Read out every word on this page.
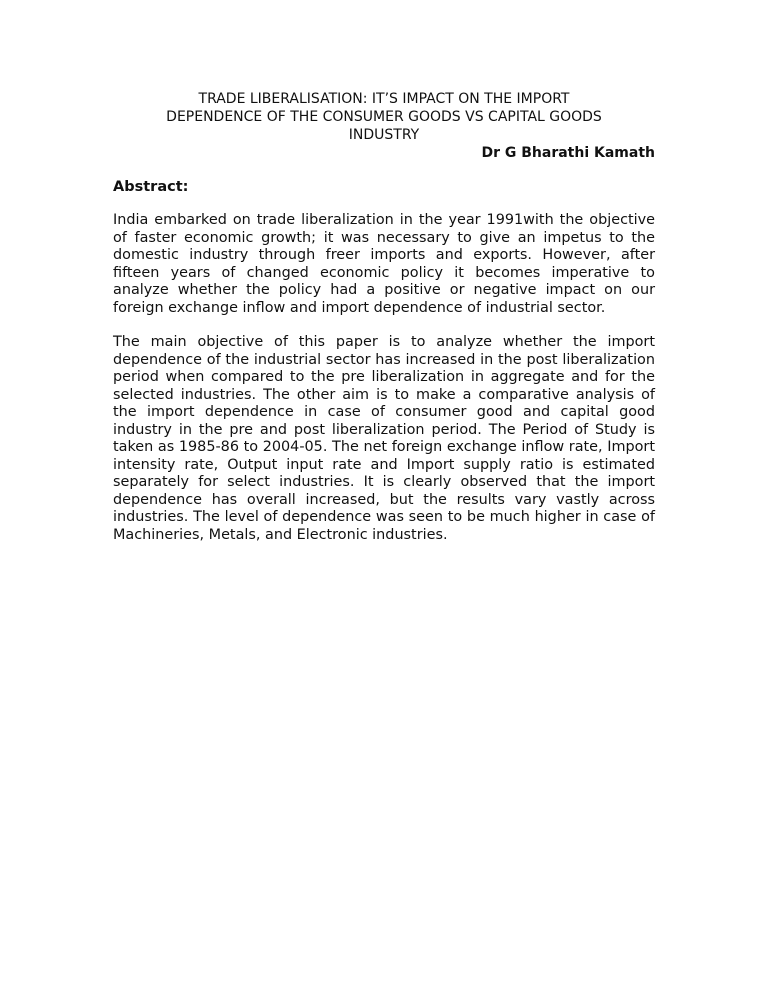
TRADE LIBERALISATION: IT’S IMPACT ON THE IMPORT
DEPENDENCE OF THE CONSUMER GOODS VS CAPITAL GOODS
INDUSTRY

Dr G Bharathi Kamath

Abstract:

India embarked on trade liberalization in the year 1991with the objective of faster economic growth; it was necessary to give an impetus to the domestic industry through freer imports and exports. However, after fifteen years of changed economic policy it becomes imperative to analyze whether the policy had a positive or negative impact on our foreign exchange inflow and import dependence of industrial sector.

The main objective of this paper is to analyze whether the import dependence of the industrial sector has increased in the post liberalization period when compared to the pre liberalization in aggregate and for the selected industries. The other aim is to make a comparative analysis of the import dependence in case of consumer good and capital good industry in the pre and post liberalization period. The Period of Study is taken as 1985-86 to 2004-05. The net foreign exchange inflow rate, Import intensity rate, Output input rate and Import supply ratio is estimated separately for select industries. It is clearly observed that the import dependence has overall increased, but the results vary vastly across industries. The level of dependence was seen to be much higher in case of Machineries, Metals, and Electronic industries.
